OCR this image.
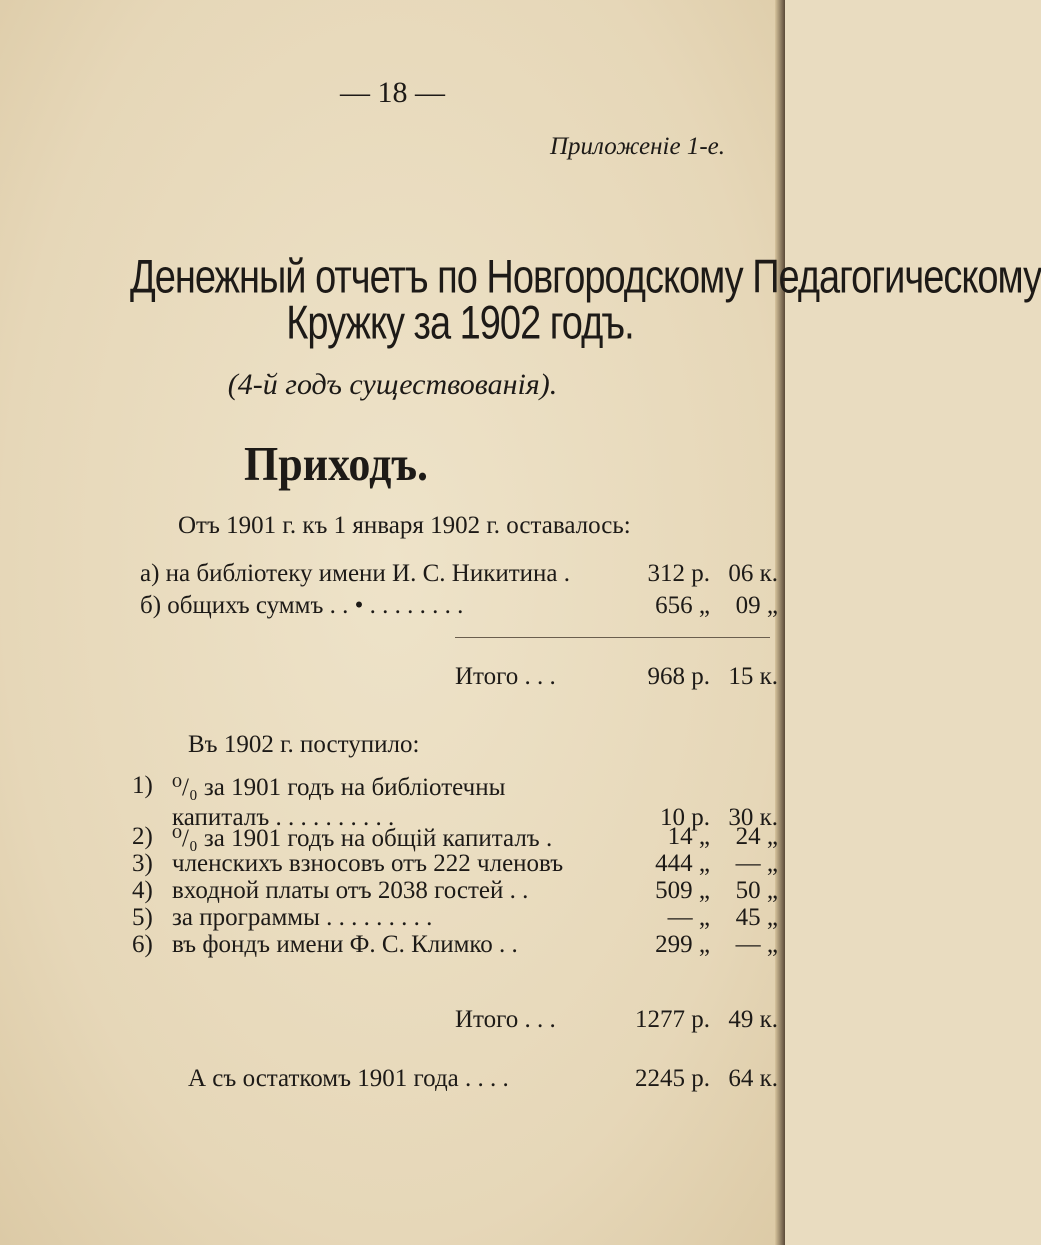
— 18 —
Приложенiе 1-е.
Денежный отчетъ по Новгородскому Педагогическому
Кружку за 1902 годъ.
(4-й годъ существованiя).
Приходъ.
Отъ 1901 г. къ 1 января 1902 г. оставалось:
а) на библiотеку имени И. С. Никитина .	312 р. 06 к.
б) общихъ суммъ . . • . . . . . . . .	656 „	09 „
Итого . . .	968 р. 15 к.
Въ 1902 г. поступило:
1) ⁰/₀ за 1901 годъ на библiотечны
капиталъ . . . . . . . . . .	10 р. 30 к.
2) ⁰/₀ за 1901 годъ на общiй капиталъ .	14 „	24 „
3) членскихъ взносовъ отъ 222 членовъ	444 „	— „
4) входной платы отъ 2038 гостей . .	509 „	50 „
5) за программы . . . . . . . . .	— „	45 „
6) въ фондъ имени Ф. С. Климко . .	299 „	— „
Итого . . .	1277 р. 49 к.
А съ остаткомъ 1901 года . . . .	2245 р. 64 к.
